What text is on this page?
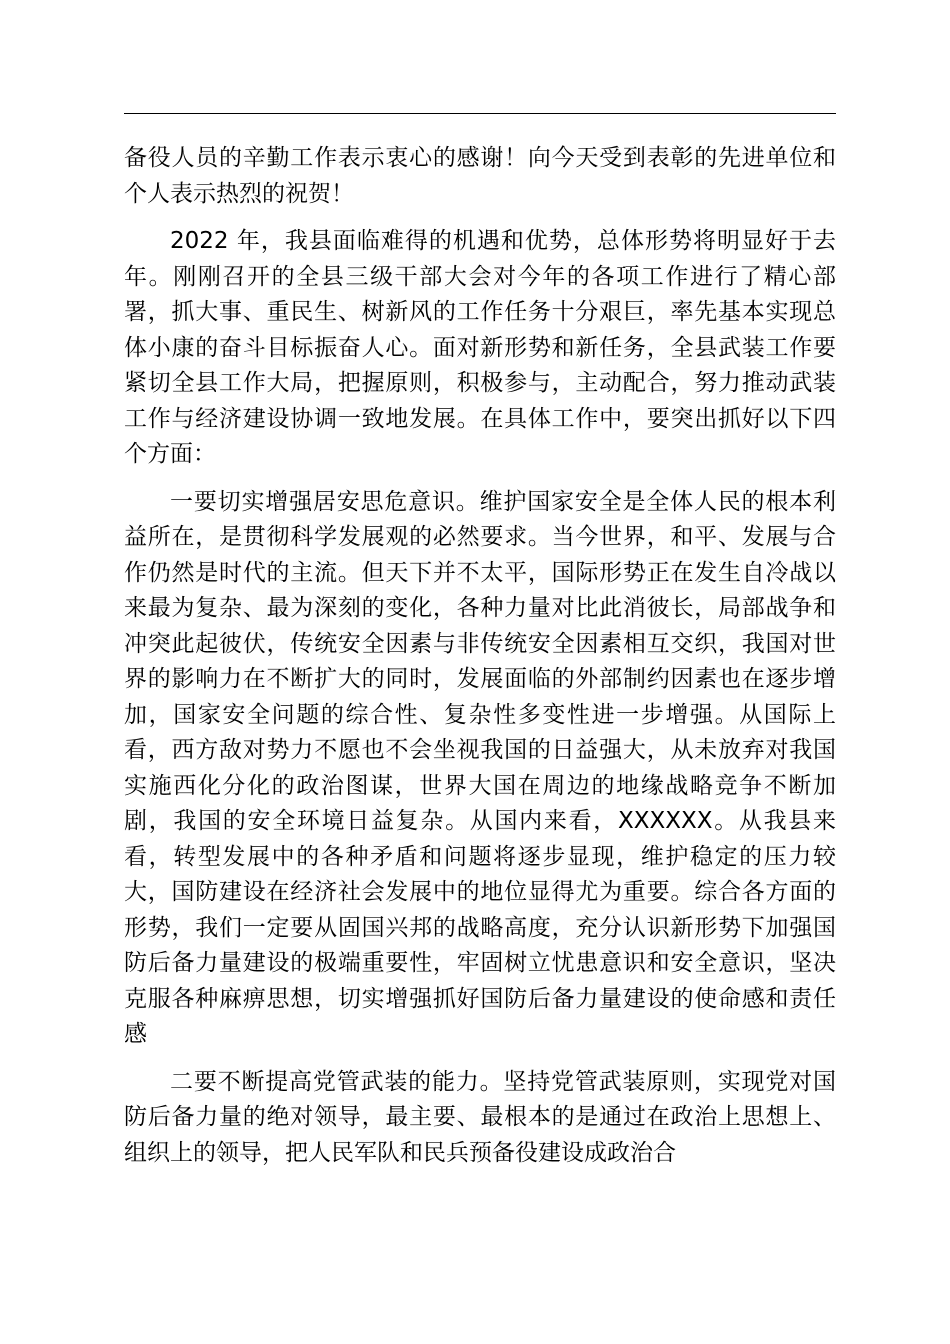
备役人员的辛勤工作表示衷心的感谢！向今天受到表彰的先进单位和个人表示热烈的祝贺！

2022 年，我县面临难得的机遇和优势，总体形势将明显好于去年。刚刚召开的全县三级干部大会对今年的各项工作进行了精心部署，抓大事、重民生、树新风的工作任务十分艰巨，率先基本实现总体小康的奋斗目标振奋人心。面对新形势和新任务，全县武装工作要紧切全县工作大局，把握原则，积极参与，主动配合，努力推动武装工作与经济建设协调一致地发展。在具体工作中，要突出抓好以下四个方面：

一要切实增强居安思危意识。维护国家安全是全体人民的根本利益所在，是贯彻科学发展观的必然要求。当今世界，和平、发展与合作仍然是时代的主流。但天下并不太平，国际形势正在发生自冷战以来最为复杂、最为深刻的变化，各种力量对比此消彼长，局部战争和冲突此起彼伏，传统安全因素与非传统安全因素相互交织，我国对世界的影响力在不断扩大的同时，发展面临的外部制约因素也在逐步增加，国家安全问题的综合性、复杂性多变性进一步增强。从国际上看，西方敌对势力不愿也不会坐视我国的日益强大，从未放弃对我国实施西化分化的政治图谋，世界大国在周边的地缘战略竞争不断加剧，我国的安全环境日益复杂。从国内来看，XXXXXX。从我县来看，转型发展中的各种矛盾和问题将逐步显现，维护稳定的压力较大，国防建设在经济社会发展中的地位显得尤为重要。综合各方面的形势，我们一定要从固国兴邦的战略高度，充分认识新形势下加强国防后备力量建设的极端重要性，牢固树立忧患意识和安全意识，坚决克服各种麻痹思想，切实增强抓好国防后备力量建设的使命感和责任感

二要不断提高党管武装的能力。坚持党管武装原则，实现党对国防后备力量的绝对领导，最主要、最根本的是通过在政治上思想上、组织上的领导，把人民军队和民兵预备役建设成政治合
